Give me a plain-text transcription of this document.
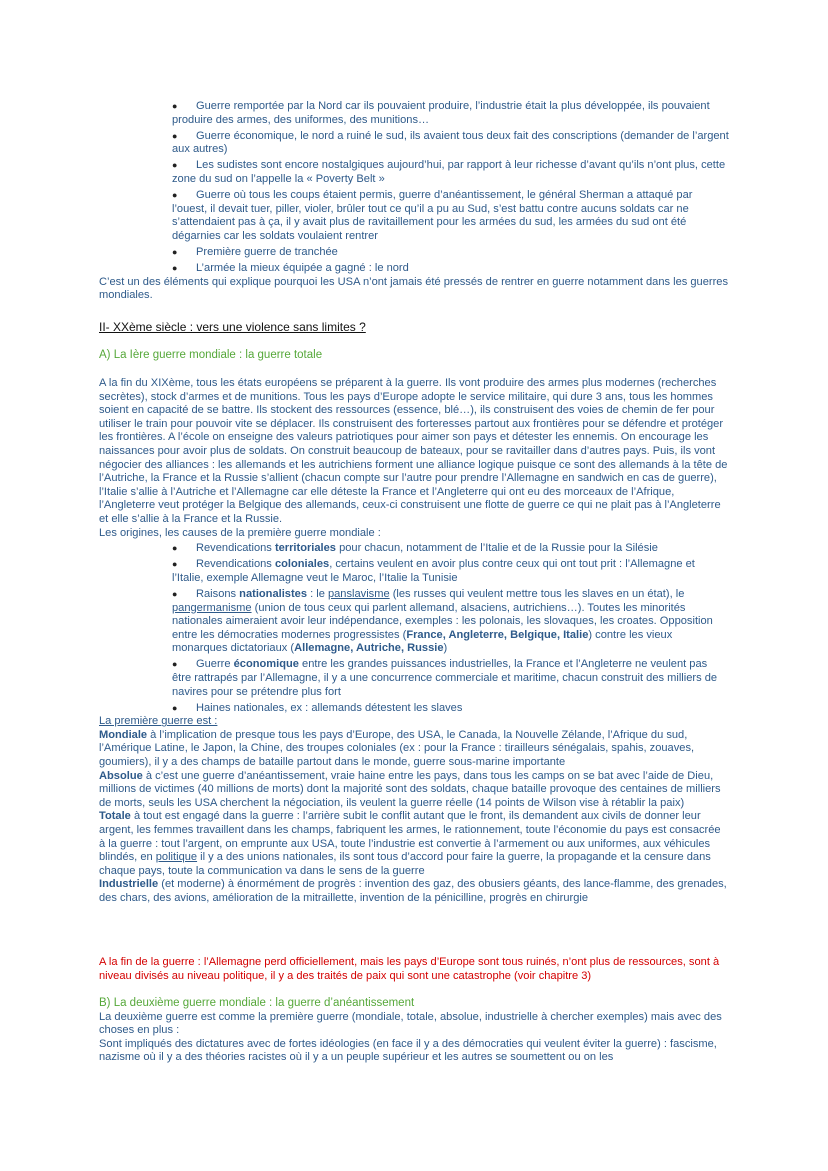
● Guerre remportée par la Nord car ils pouvaient produire, l’industrie était la plus développée, ils pouvaient produire des armes, des uniformes, des munitions…
● Guerre économique, le nord a ruiné le sud, ils avaient tous deux fait des conscriptions (demander de l’argent aux autres)
● Les sudistes sont encore nostalgiques aujourd’hui, par rapport à leur richesse d’avant qu’ils n’ont plus, cette zone du sud on l’appelle la « Poverty Belt »
● Guerre où tous les coups étaient permis, guerre d’anéantissement, le général Sherman a attaqué par l’ouest, il devait tuer, piller, violer, brûler tout ce qu’il a pu au Sud, s’est battu contre aucuns soldats car ne s’attendaient pas à ça, il y avait plus de ravitaillement pour les armées du sud, les armées du sud ont été dégarnies car les soldats voulaient rentrer
● Première guerre de tranchée
● L’armée la mieux équipée a gagné : le nord

C’est un des éléments qui explique pourquoi les USA n’ont jamais été pressés de rentrer en guerre notamment dans les guerres mondiales.

II- XXème siècle : vers une violence sans limites ?
A) La Ière guerre mondiale : la guerre totale

A la fin du XIXème, tous les états européens se préparent à la guerre. Ils vont produire des armes plus modernes (recherches secrètes), stock d’armes et de munitions. Tous les pays d’Europe adopte le service militaire, qui dure 3 ans, tous les hommes soient en capacité de se battre. Ils stockent des ressources (essence, blé…), ils construisent des voies de chemin de fer pour utiliser le train pour pouvoir vite se déplacer. Ils construisent des forteresses partout aux frontières pour se défendre et protéger les frontières. A l’école on enseigne des valeurs patriotiques pour aimer son pays et détester les ennemis. On encourage les naissances pour avoir plus de soldats. On construit beaucoup de bateaux, pour se ravitailler dans d’autres pays. Puis, ils vont négocier des alliances : les allemands et les autrichiens forment une alliance logique puisque ce sont des allemands à la tête de l’Autriche, la France et la Russie s’allient (chacun compte sur l’autre pour prendre l’Allemagne en sandwich en cas de guerre), l’Italie s’allie à l’Autriche et l’Allemagne car elle déteste la France et l’Angleterre qui ont eu des morceaux de l’Afrique, l’Angleterre veut protéger la Belgique des allemands, ceux-ci construisent une flotte de guerre ce qui ne plait pas à l’Angleterre et elle s’allie à la France et la Russie.

Les origines, les causes de la première guerre mondiale :

● Revendications territoriales pour chacun, notamment de l’Italie et de la Russie pour la Silésie
● Revendications coloniales, certains veulent en avoir plus contre ceux qui ont tout prit : l’Allemagne et l’Italie, exemple Allemagne veut le Maroc, l’Italie la Tunisie
● Raisons nationalistes : le panslavisme (les russes qui veulent mettre tous les slaves en un état), le pangermanisme (union de tous ceux qui parlent allemand, alsaciens, autrichiens…). Toutes les minorités nationales aimeraient avoir leur indépendance, exemples : les polonais, les slovaques, les croates. Opposition entre les démocraties modernes progressistes (France, Angleterre, Belgique, Italie) contre les vieux monarques dictatoriaux (Allemagne, Autriche, Russie)
● Guerre économique entre les grandes puissances industrielles, la France et l’Angleterre ne veulent pas être rattrapés par l’Allemagne, il y a une concurrence commerciale et maritime, chacun construit des milliers de navires pour se prétendre plus fort
● Haines nationales, ex : allemands détestent les slaves

La première guerre est :

Mondiale à l’implication de presque tous les pays d’Europe, des USA, le Canada, la Nouvelle Zélande, l’Afrique du sud, l’Amérique Latine, le Japon, la Chine, des troupes coloniales (ex : pour la France : tirailleurs sénégalais, spahis, zouaves, goumiers), il y a des champs de bataille partout dans le monde, guerre sous-marine importante

Absolue à c’est une guerre d’anéantissement, vraie haine entre les pays, dans tous les camps on se bat avec l’aide de Dieu, millions de victimes (40 millions de morts) dont la majorité sont des soldats, chaque bataille provoque des centaines de milliers de morts, seuls les USA cherchent la négociation, ils veulent la guerre réelle (14 points de Wilson vise à rétablir la paix)

Totale à tout est engagé dans la guerre : l’arrière subit le conflit autant que le front, ils demandent aux civils de donner leur argent, les femmes travaillent dans les champs, fabriquent les armes, le rationnement, toute l’économie du pays est consacrée à la guerre : tout l’argent, on emprunte aux USA, toute l’industrie est convertie à l’armement ou aux uniformes, aux véhicules blindés, en politique il y a des unions nationales, ils sont tous d’accord pour faire la guerre, la propagande et la censure dans chaque pays, toute la communication va dans le sens de la guerre

Industrielle (et moderne) à énormément de progrès : invention des gaz, des obusiers géants, des lance-flamme, des grenades, des chars, des avions, amélioration de la mitraillette, invention de la pénicilline, progrès en chirurgie

A la fin de la guerre : l’Allemagne perd officiellement, mais les pays d’Europe sont tous ruinés, n’ont plus de ressources, sont à niveau divisés au niveau politique, il y a des traités de paix qui sont une catastrophe (voir chapitre 3)

B) La deuxième guerre mondiale : la guerre d’anéantissement

La deuxième guerre est comme la première guerre (mondiale, totale, absolue, industrielle à chercher exemples) mais avec des choses en plus :

Sont impliqués des dictatures avec de fortes idéologies (en face il y a des démocraties qui veulent éviter la guerre) : fascisme, nazisme où il y a des théories racistes où il y a un peuple supérieur et les autres se soumettent ou on les
